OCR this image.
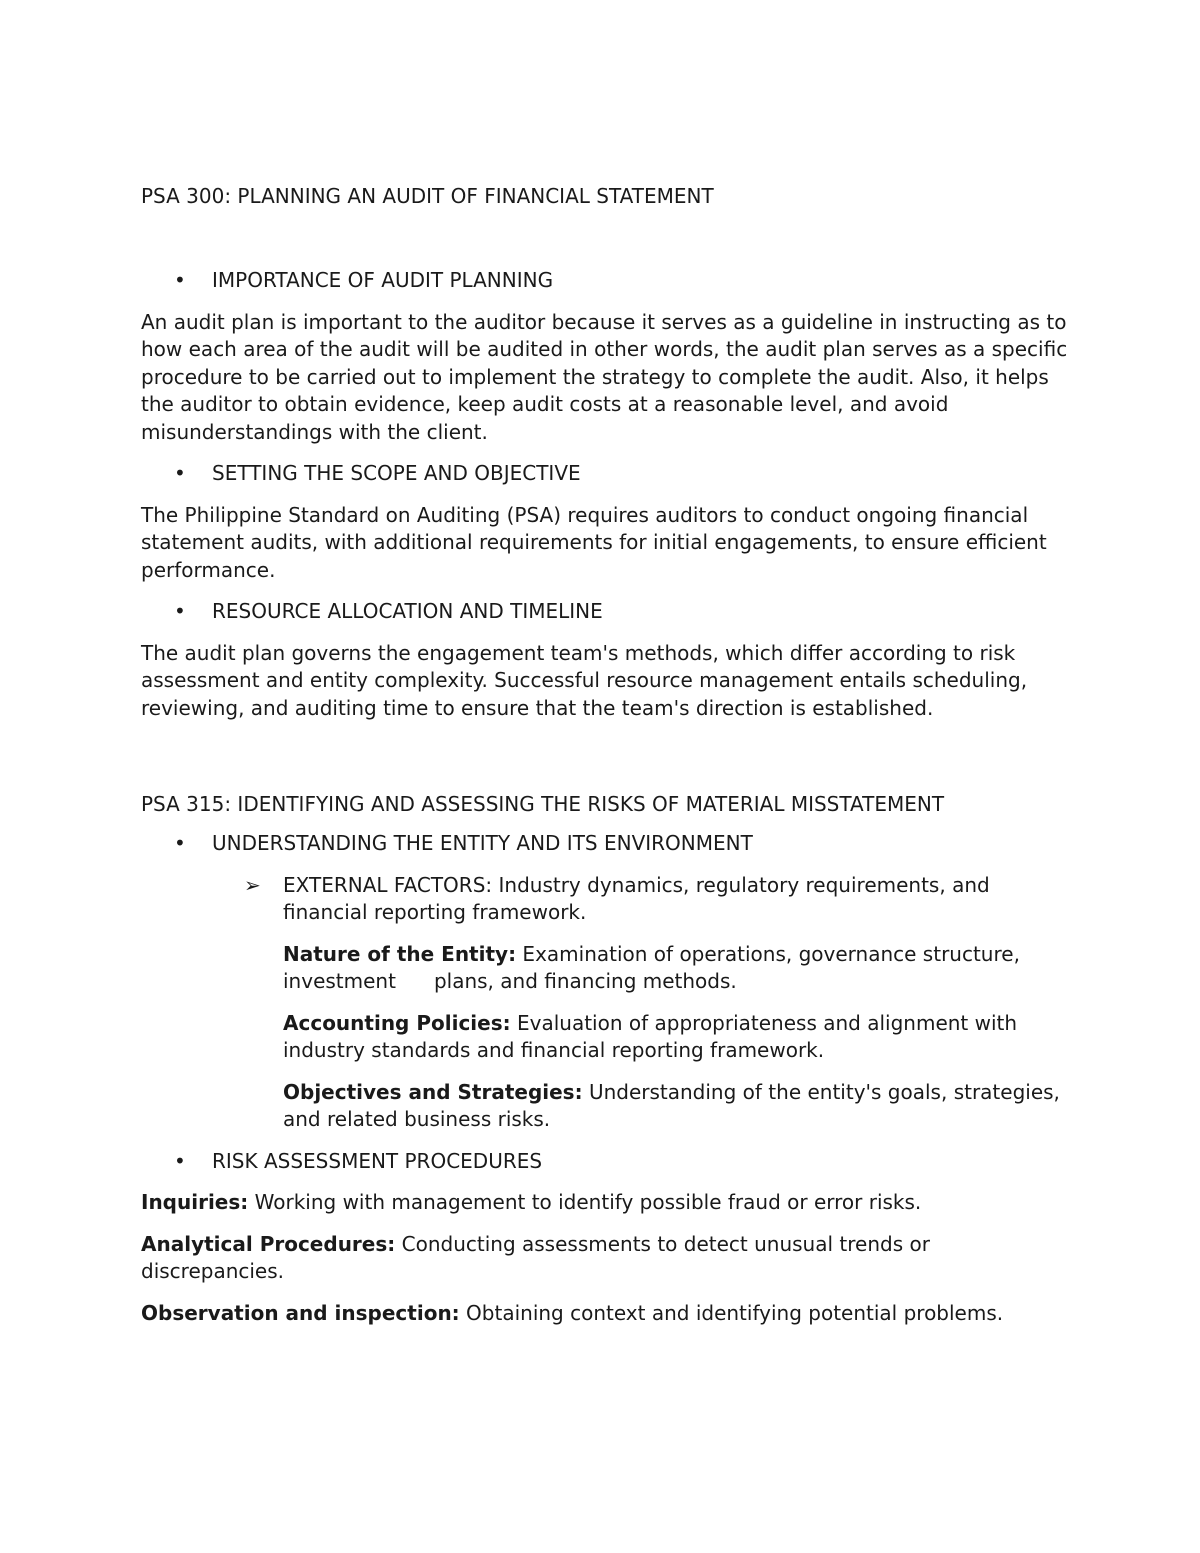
PSA 300: PLANNING AN AUDIT OF FINANCIAL STATEMENT

• IMPORTANCE OF AUDIT PLANNING

An audit plan is important to the auditor because it serves as a guideline in instructing as to how each area of the audit will be audited in other words, the audit plan serves as a specific procedure to be carried out to implement the strategy to complete the audit. Also, it helps the auditor to obtain evidence, keep audit costs at a reasonable level, and avoid misunderstandings with the client.

• SETTING THE SCOPE AND OBJECTIVE

The Philippine Standard on Auditing (PSA) requires auditors to conduct ongoing financial statement audits, with additional requirements for initial engagements, to ensure efficient performance.

• RESOURCE ALLOCATION AND TIMELINE

The audit plan governs the engagement team's methods, which differ according to risk assessment and entity complexity. Successful resource management entails scheduling, reviewing, and auditing time to ensure that the team's direction is established.

PSA 315: IDENTIFYING AND ASSESSING THE RISKS OF MATERIAL MISSTATEMENT

• UNDERSTANDING THE ENTITY AND ITS ENVIRONMENT
➢ EXTERNAL FACTORS: Industry dynamics, regulatory requirements, and financial reporting framework.
Nature of the Entity: Examination of operations, governance structure, investment plans, and financing methods.
Accounting Policies: Evaluation of appropriateness and alignment with industry standards and financial reporting framework.
Objectives and Strategies: Understanding of the entity's goals, strategies, and related business risks.
• RISK ASSESSMENT PROCEDURES

Inquiries: Working with management to identify possible fraud or error risks.

Analytical Procedures: Conducting assessments to detect unusual trends or discrepancies.

Observation and inspection: Obtaining context and identifying potential problems.
